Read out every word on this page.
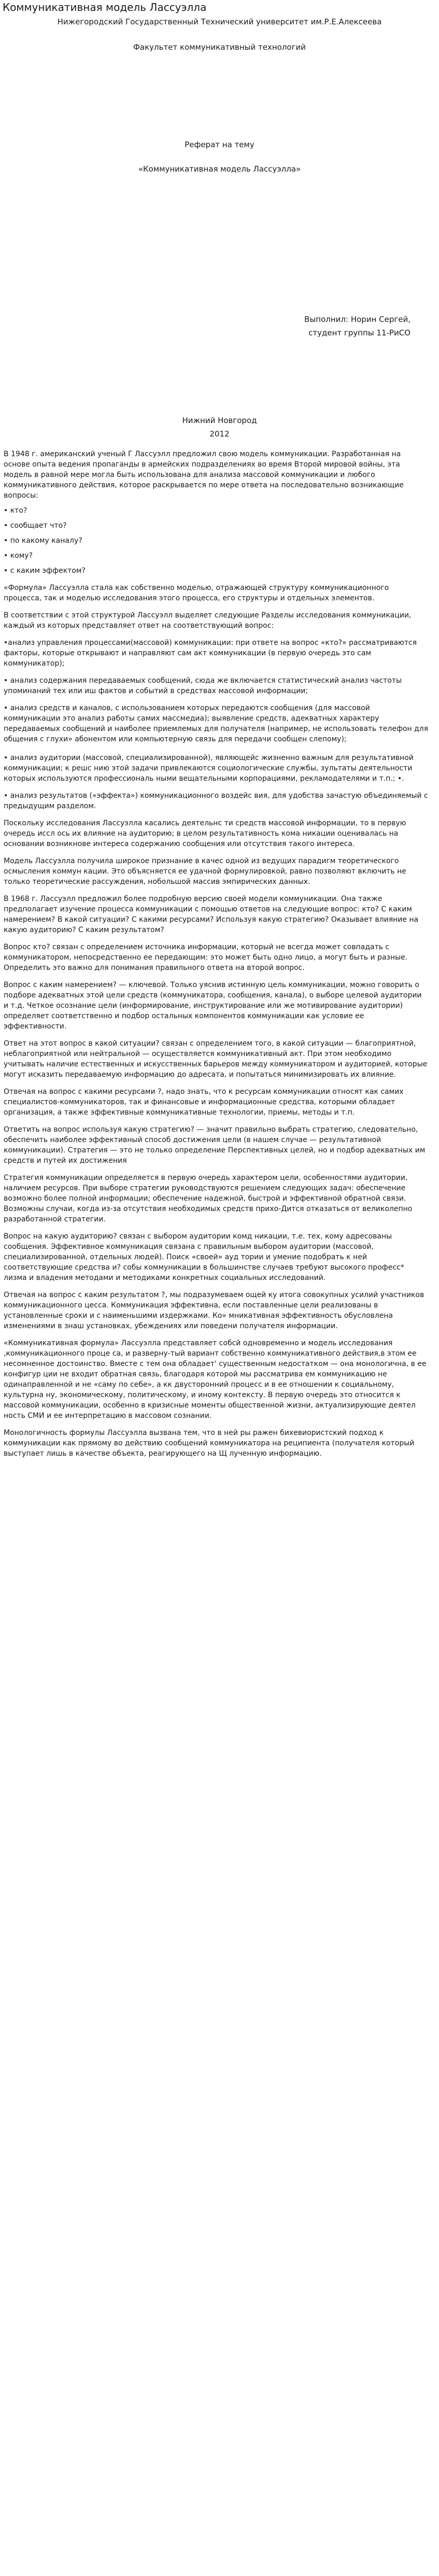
Коммуникативная модель Лассуэлла
Нижегородский Государственный Технический университет им.Р.Е.Алексеева
Факультет коммуникативный технологий
Реферат на тему
«Коммуникативная модель Лассуэлла»
Выполнил: Норин Сергей,
студент группы 11-РиСО
Нижний Новгород
2012

В 1948 г. американский ученый Г Лассуэлл предложил свою модель коммуникации. Разработанная на основе опыта ведения пропаганды в армейских подразделениях во время Второй мировой войны, эта модель в равной мере могла быть использована для анализа массовой коммуникации и любого коммуникативного действия, которое раскрывается по мере ответа на последовательно возникающие вопросы:

• кто?

• сообщает что?

• по какому каналу?

• кому?

• с каким эффектом?

«Формула» Лассуэлла стала как собственно моделью, отражающей структуру коммуникационного процесса, так и моделью исследования этого процесса, его структуры и отдельных элементов.

В соответствии с этой структурой Лассуэлл выделяет следующие Разделы исследования коммуникации, каждый из которых представляет ответ на соответствующий вопрос:

•анализ управления процессами(массовой) коммуникации: при ответе на вопрос «кто?» рассматриваются факторы, которые открывают и направляют сам акт коммуникации (в первую очередь это сам коммуникатор);

• анализ содержания передаваемых сообщений, сюда же включается статистический анализ частоты упоминаний тех или иш фактов и событий в средствах массовой информации;

• анализ средств и каналов, с использованием которых передаются сообщения (для массовой коммуникации это анализ работы самих массмедиа); выявление средств, адекватных характеру передаваемых сообщений и наиболее приемлемых для получателя (например, не использовать телефон для общения с глухи» абонентом или компьютерную связь для передачи сообщен слепому);

• анализ аудитории (массовой, специализированной), являющейс жизненно важным для результативной коммуникации; к решс нию этой задачи привлекаются социологические службы, зультаты деятельности которых используются профессиональ ными вещательными корпорациями, рекламодателями и т.п.; •.

• анализ результатов («эффекта») коммуникационного воздейс вия, для удобства зачастую объединяемый с предыдущим разделом.

Поскольку исследования Лассуэлла касались деятельнс ти средств массовой информации, то в первую очередь иссл ось их влияние на аудиторию; в целом результативность кома никации оценивалась на основании возникнове интереса содержанию сообщения или отсутствия такого интереса.

Модель Лассуэлла получила широкое признание в качес одной из ведущих парадигм теоретического осмысления коммун кации. Это объясняется ее удачной формулировкой, равно позволяют включить не только теоретические рассуждения, нобольшой массив эмпирических данных.

В 1968 г. Лассуэлл предложил более подробную версию своей модели коммуникации. Она также предполагает изучение процесса коммуникации с помощью ответов на следующие вопрос: кто? С каким намерением? В какой ситуации? С какими ресурсами? Используя какую стратегию? Оказывает влияние на какую аудиторию? С каким результатом?

Вопрос кто? связан с определением источника информации, который не всегда может совпадать с коммуникатором, непосредственно ее передающим: это может быть одно лицо, а могут быть и разные. Определить это важно для понимания правильного ответа на второй вопрос.

Вопрос с каким намерением? — ключевой. Только уяснив истинную цель коммуникации, можно говорить о подборе адекватных этой цели средств (коммуникатора, сообщения, канала), о выборе целевой аудитории и т.д. Четкое осознание цели (информирование, инструктирование или же мотивирование аудитории) определяет соответственно и подбор остальных компонентов коммуникации как условие ее эффективности.

Ответ на этот вопрос в какой ситуации? связан с определением того, в какой ситуации — благоприятной, неблагоприятной или нейтральной — осуществляется коммуникативный акт. При этом необходимо учитывать наличие естественных и искусственных барьеров между коммуникатором и аудиторией, которые могут исказить передаваемую информацию до адресата, и попытаться минимизировать их влияние.

Отвечая на вопрос с какими ресурсами ?, надо знать, что к ресурсам коммуникации относят как самих специалистов-коммуникаторов, так и финансовые и информационные средства, которыми обладает организация, а также эффективные коммуникативные технологии, приемы, методы и т.п.

Ответить на вопрос используя какую стратегию? — значит правильно выбрать стратегию, следовательно, обеспечить наиболее эффективный способ достижения цели (в нашем случае — результативной коммуникации). Стратегия — это не только определение Перспективных целей, но и подбор адекватных им средств и путей их достижения

Стратегия коммуникации определяется в первую очередь характером цели, особенностями аудитории, наличием ресурсов. При выборе стратегии руководствуются решением следующих задач: обеспечение возможно более полной информации; обеспечение надежной, быстрой и эффективной обратной связи. Возможны случаи, когда из-за отсутствия необходимых средств прихо-Дится отказаться от великолепно разработанной стратегии.

Вопрос на какую аудиторию? связан с выбором аудитории комд никации, т.е. тех, кому адресованы сообщения. Эффективное коммуникация связана с правильным выбором аудитории (массовой, специализированной, отдельных людей). Поиск «своей» ауд тории и умение подобрать к ней соответствующие средства и? собы коммуникации в большинстве случаев требуют высокого професс* лизма и владения методами и методиками конкретных социальных исследований.

Отвечая на вопрос с каким результатом ?, мы подразумеваем ощей ку итога совокупных усилий участников коммуникационного цесса. Коммуникация эффективна, если поставленные цели реализованы в установленные сроки и с наименьшими издержками. Ко» мникативная эффективность обусловлена изменениями в знаш установках, убеждениях или поведени получателя информации.

«Коммуникативная формула» Лассуэлла представляет собсй одновременно и модель исследования ,коммуникационного проце са, и разверну-тый вариант собственно коммуникативного действия,в этом ее несомненное достоинство. Вместе с тем она обладает' существенным недостатком — она монологична, в ее конфигур ции не входит обратная связь, благодаря которой мы рассматрива ем коммуникацию не одинаправленной и не «саму по себе», а кк двусторонний процесс и в ее отношении к социальному, культурна ну, экономическому, политическому, и иному контексту. В первую очередь это относится к массовой коммуникации, особенно в кризисные моменты общественной жизни, актуализирующие деятел ность СМИ и ее интерпретацию в массовом сознании.

Монологичность формулы Лассуэлла вызвана тем, что в ней ры ражен бихевиористский подход к коммуникации как прямому во действию сообщений коммуникатора на реципиента (получателя который выступает лишь в качестве объекта, реагирующего на Щ лученную информацию.
